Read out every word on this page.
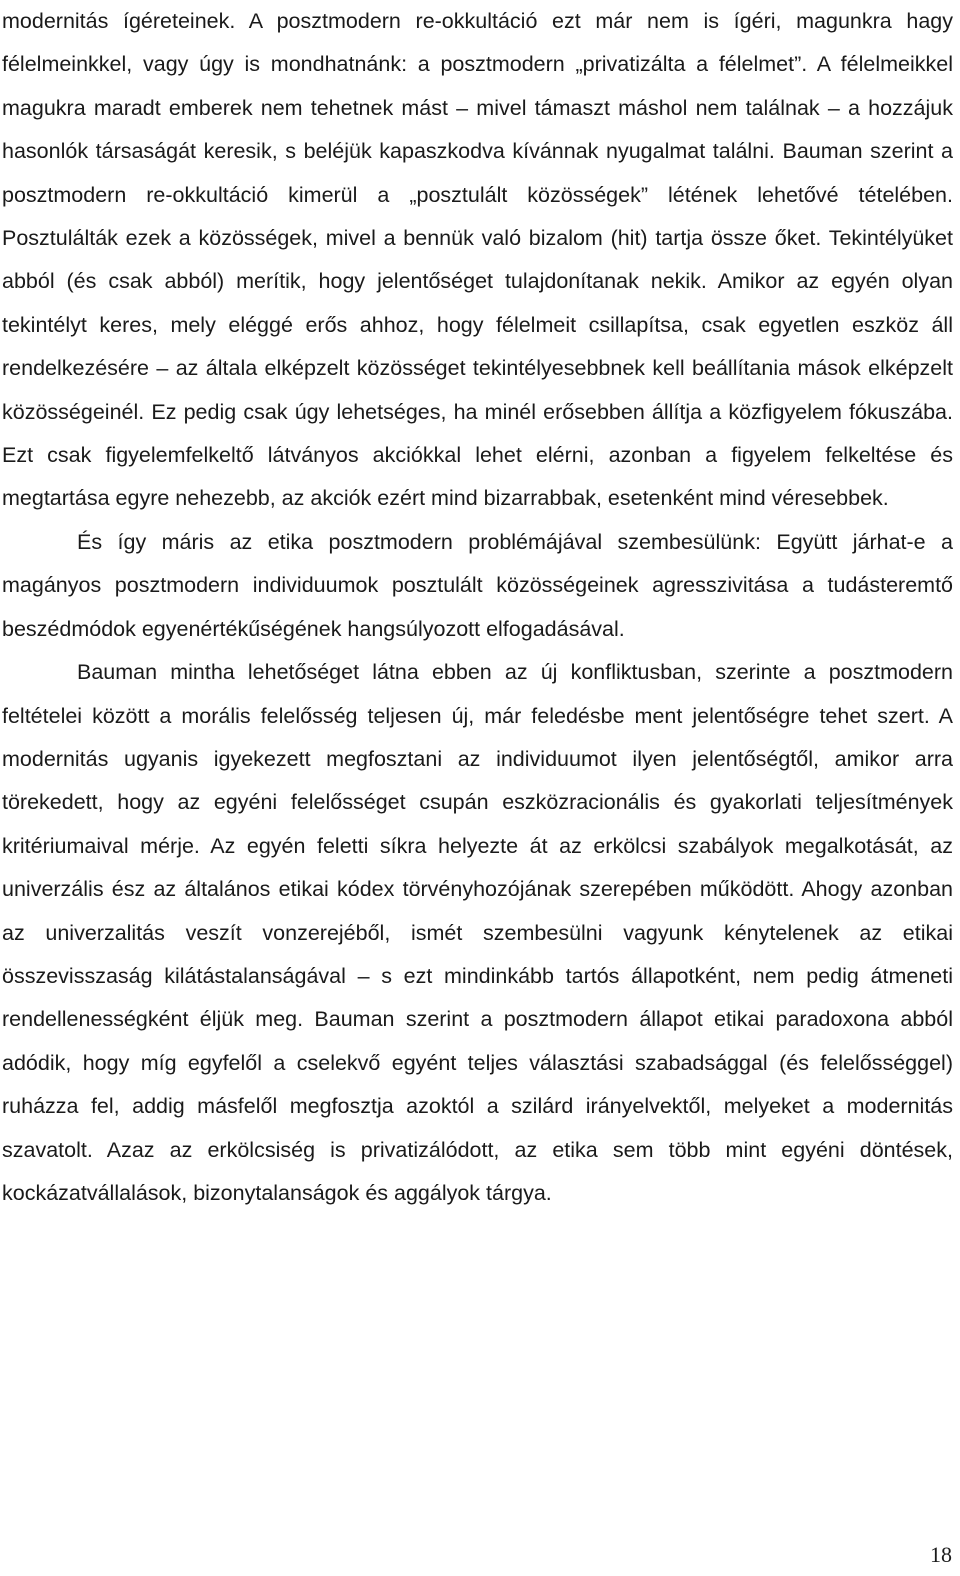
modernitás ígéreteinek. A posztmodern re-okkultáció ezt már nem is ígéri, magunkra hagy félelmeinkkel, vagy úgy is mondhatnánk: a posztmodern „privatizálta a félelmet”. A félelmeikkel magukra maradt emberek nem tehetnek mást – mivel támaszt máshol nem találnak – a hozzájuk hasonlók társaságát keresik, s beléjük kapaszkodva kívánnak nyugalmat találni. Bauman szerint a posztmodern re-okkultáció kimerül a „posztulált közösségek” létének lehetővé tételében. Posztulálták ezek a közösségek, mivel a bennük való bizalom (hit) tartja össze őket. Tekintélyüket abból (és csak abból) merítik, hogy jelentőséget tulajdonítanak nekik. Amikor az egyén olyan tekintélyt keres, mely eléggé erős ahhoz, hogy félelmeit csillapítsa, csak egyetlen eszköz áll rendelkezésére – az általa elképzelt közösséget tekintélyesebbnek kell beállítania mások elképzelt közösségeinél. Ez pedig csak úgy lehetséges, ha minél erősebben állítja a közfigyelem fókuszába. Ezt csak figyelemfelkeltő látványos akciókkal lehet elérni, azonban a figyelem felkeltése és megtartása egyre nehezebb, az akciók ezért mind bizarrabbak, esetenként mind véresebbek.

És így máris az etika posztmodern problémájával szembesülünk: Együtt járhat-e a magányos posztmodern individuumok posztulált közösségeinek agresszivitása a tudásteremtő beszédmódok egyenértékűségének hangsúlyozott elfogadásával.

Bauman mintha lehetőséget látna ebben az új konfliktusban, szerinte a posztmodern feltételei között a morális felelősség teljesen új, már feledésbe ment jelentőségre tehet szert. A modernitás ugyanis igyekezett megfosztani az individuumot ilyen jelentőségtől, amikor arra törekedett, hogy az egyéni felelősséget csupán eszközracionális és gyakorlati teljesítmények kritériumaival mérje. Az egyén feletti síkra helyezte át az erkölcsi szabályok megalkotását, az univerzális ész az általános etikai kódex törvényhozójának szerepében működött. Ahogy azonban az univerzalitás veszít vonzerejéből, ismét szembesülni vagyunk kénytelenek az etikai összevisszaság kilátástalanságával – s ezt mindinkább tartós állapotként, nem pedig átmeneti rendellenességként éljük meg. Bauman szerint a posztmodern állapot etikai paradoxona abból adódik, hogy míg egyfelől a cselekvő egyént teljes választási szabadsággal (és felelősséggel) ruházza fel, addig másfelől megfosztja azoktól a szilárd irányelvektől, melyeket a modernitás szavatolt. Azaz az erkölcsiség is privatizálódott, az etika sem több mint egyéni döntések, kockázatvállalások, bizonytalanságok és aggályok tárgya.

18
